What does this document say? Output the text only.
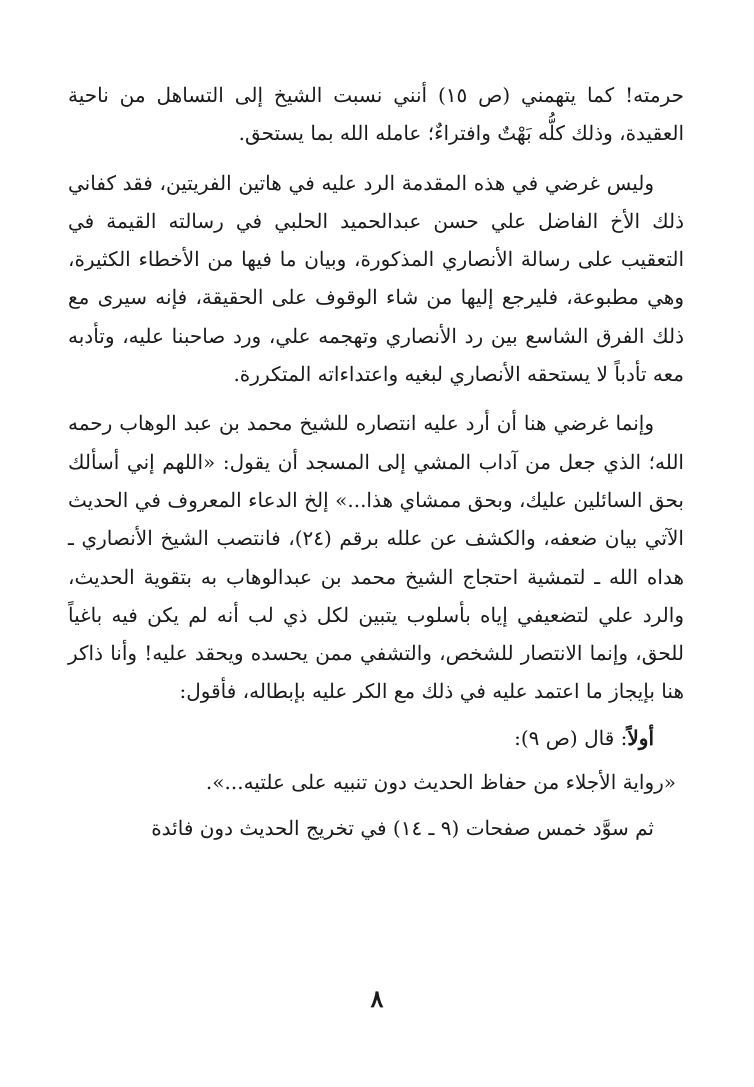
حرمته! كما يتهمني (ص ١٥) أنني نسبت الشيخ إلى التساهل من ناحية العقيدة، وذلك كلُّه بَهْتٌ وافتراءٌ؛ عامله الله بما يستحق.

وليس غرضي في هذه المقدمة الرد عليه في هاتين الفريتين، فقد كفاني ذلك الأخ الفاضل علي حسن عبدالحميد الحلبي في رسالته القيمة في التعقيب على رسالة الأنصاري المذكورة، وبيان ما فيها من الأخطاء الكثيرة، وهي مطبوعة، فليرجع إليها من شاء الوقوف على الحقيقة، فإنه سيرى مع ذلك الفرق الشاسع بين رد الأنصاري وتهجمه علي، ورد صاحبنا عليه، وتأدبه معه تأدباً لا يستحقه الأنصاري لبغيه واعتداءاته المتكررة.

وإنما غرضي هنا أن أرد عليه انتصاره للشيخ محمد بن عبد الوهاب رحمه الله؛ الذي جعل من آداب المشي إلى المسجد أن يقول: «اللهم إني أسألك بحق السائلين عليك، وبحق ممشاي هذا...» إلخ الدعاء المعروف في الحديث الآتي بيان ضعفه، والكشف عن علله برقم (٢٤)، فانتصب الشيخ الأنصاري ـ هداه الله ـ لتمشية احتجاج الشيخ محمد بن عبدالوهاب به بتقوية الحديث، والرد علي لتضعيفي إياه بأسلوب يتبين لكل ذي لب أنه لم يكن فيه باغياً للحق، وإنما الانتصار للشخص، والتشفي ممن يحسده ويحقد عليه! وأنا ذاكر هنا بإيجاز ما اعتمد عليه في ذلك مع الكر عليه بإبطاله، فأقول:

أولاً: قال (ص ٩):

«رواية الأجلاء من حفاظ الحديث دون تنبيه على علتيه...».

ثم سوَّد خمس صفحات (٩ ـ ١٤) في تخريج الحديث دون فائدة

٨
